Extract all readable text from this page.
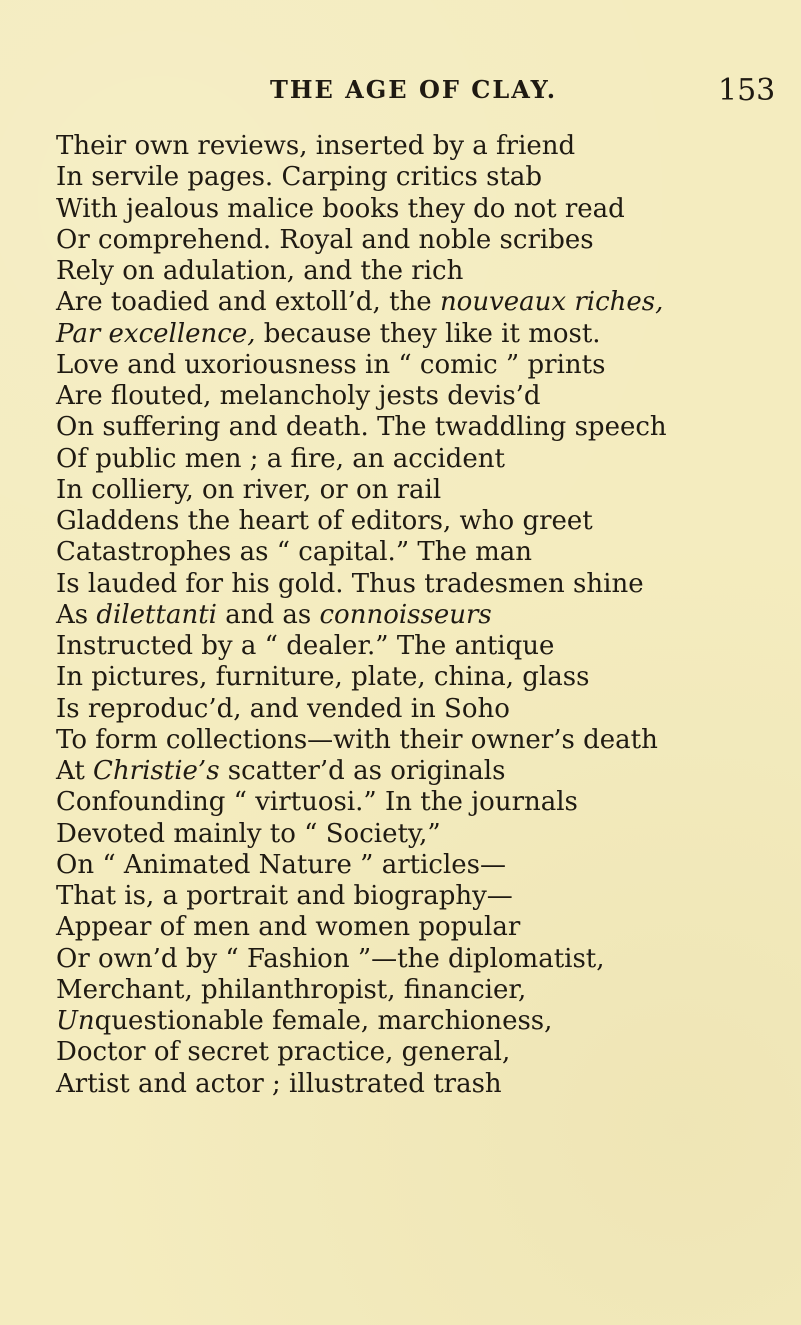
THE AGE OF CLAY.	153
Their own reviews, inserted by a friend
In servile pages. Carping critics stab
With jealous malice books they do not read
Or comprehend. Royal and noble scribes
Rely on adulation, and the rich
Are toadied and extoll’d, the nouveaux riches,
Par excellence, because they like it most.
Love and uxoriousness in “ comic ” prints
Are flouted, melancholy jests devis’d
On suffering and death. The twaddling speech
Of public men ; a fire, an accident
In colliery, on river, or on rail
Gladdens the heart of editors, who greet
Catastrophes as “ capital.” The man
Is lauded for his gold. Thus tradesmen shine
As dilettanti and as connoisseurs
Instructed by a “ dealer.” The antique
In pictures, furniture, plate, china, glass
Is reproduc’d, and vended in Soho
To form collections—with their owner’s death
At Christie’s scatter’d as originals
Confounding “ virtuosi.” In the journals
Devoted mainly to “ Society,”
On “ Animated Nature ” articles—
That is, a portrait and biography—
Appear of men and women popular
Or own’d by “ Fashion ”—the diplomatist,
Merchant, philanthropist, financier,
Unquestionable female, marchioness,
Doctor of secret practice, general,
Artist and actor ; illustrated trash
